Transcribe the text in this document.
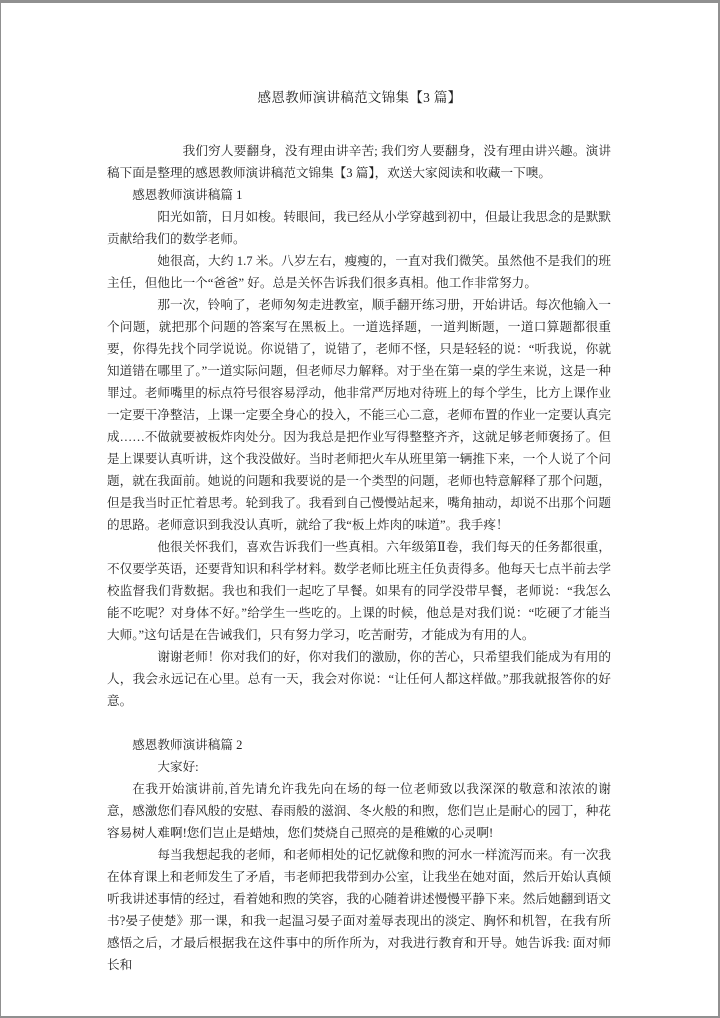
感恩教师演讲稿范文锦集【3 篇】

我们穷人要翻身，没有理由讲辛苦; 我们穷人要翻身，没有理由讲兴趣。演讲稿下面是整理的感恩教师演讲稿范文锦集【3 篇】，欢送大家阅读和收藏一下噢。

感恩教师演讲稿篇 1

阳光如箭，日月如梭。转眼间，我已经从小学穿越到初中，但最让我思念的是默默贡献给我们的数学老师。

她很高，大约 1.7 米。八岁左右，瘦瘦的，一直对我们微笑。虽然他不是我们的班主任，但他比一个“爸爸” 好。总是关怀告诉我们很多真相。他工作非常努力。

那一次，铃响了，老师匆匆走进教室，顺手翻开练习册，开始讲话。每次他输入一个问题，就把那个问题的答案写在黑板上。一道选择题，一道判断题，一道口算题都很重要，你得先找个同学说说。你说错了，说错了，老师不怪，只是轻轻的说：“听我说，你就知道错在哪里了。”一道实际问题，但老师尽力解释。对于坐在第一桌的学生来说，这是一种罪过。老师嘴里的标点符号很容易浮动，他非常严厉地对待班上的每个学生，比方上课作业一定要干净整洁，上课一定要全身心的投入，不能三心二意，老师布置的作业一定要认真完成……不做就要被板炸肉处分。因为我总是把作业写得整整齐齐，这就足够老师褒扬了。但是上课要认真听讲，这个我没做好。当时老师把火车从班里第一辆推下来，一个人说了个问题，就在我面前。她说的问题和我要说的是一个类型的问题，老师也特意解释了那个问题，但是我当时正忙着思考。轮到我了。我看到自己慢慢站起来，嘴角抽动，却说不出那个问题的思路。老师意识到我没认真听，就给了我“板上炸肉的味道”。我手疼！

他很关怀我们，喜欢告诉我们一些真相。六年级第Ⅱ卷，我们每天的任务都很重，不仅要学英语，还要背知识和科学材料。数学老师比班主任负责得多。他每天七点半前去学校监督我们背数据。我也和我们一起吃了早餐。如果有的同学没带早餐，老师说：“我怎么能不吃呢？对身体不好。”给学生一些吃的。上课的时候，他总是对我们说：“吃硬了才能当大师。”这句话是在告诫我们，只有努力学习，吃苦耐劳，才能成为有用的人。

谢谢老师！你对我们的好，你对我们的激励，你的苦心，只希望我们能成为有用的人，我会永远记在心里。总有一天，我会对你说：“让任何人都这样做。”那我就报答你的好意。

感恩教师演讲稿篇 2

大家好:

在我开始演讲前,首先请允许我先向在场的每一位老师致以我深深的敬意和浓浓的谢意，感激您们春风般的安慰、春雨般的滋润、冬火般的和煦，您们岂止是耐心的园丁，种花容易树人难啊!您们岂止是蜡烛，您们焚烧自己照亮的是稚嫩的心灵啊!

每当我想起我的老师，和老师相处的记忆就像和煦的河水一样流泻而来。有一次我在体育课上和老师发生了矛盾，韦老师把我带到办公室，让我坐在她对面，然后开始认真倾听我讲述事情的经过，看着她和煦的笑容，我的心随着讲述慢慢平静下来。然后她翻到语文书?晏子使楚》那一课，和我一起温习晏子面对羞辱表现出的淡定、胸怀和机智，在我有所感悟之后，才最后根据我在这件事中的所作所为，对我进行教育和开导。她告诉我: 面对师长和
